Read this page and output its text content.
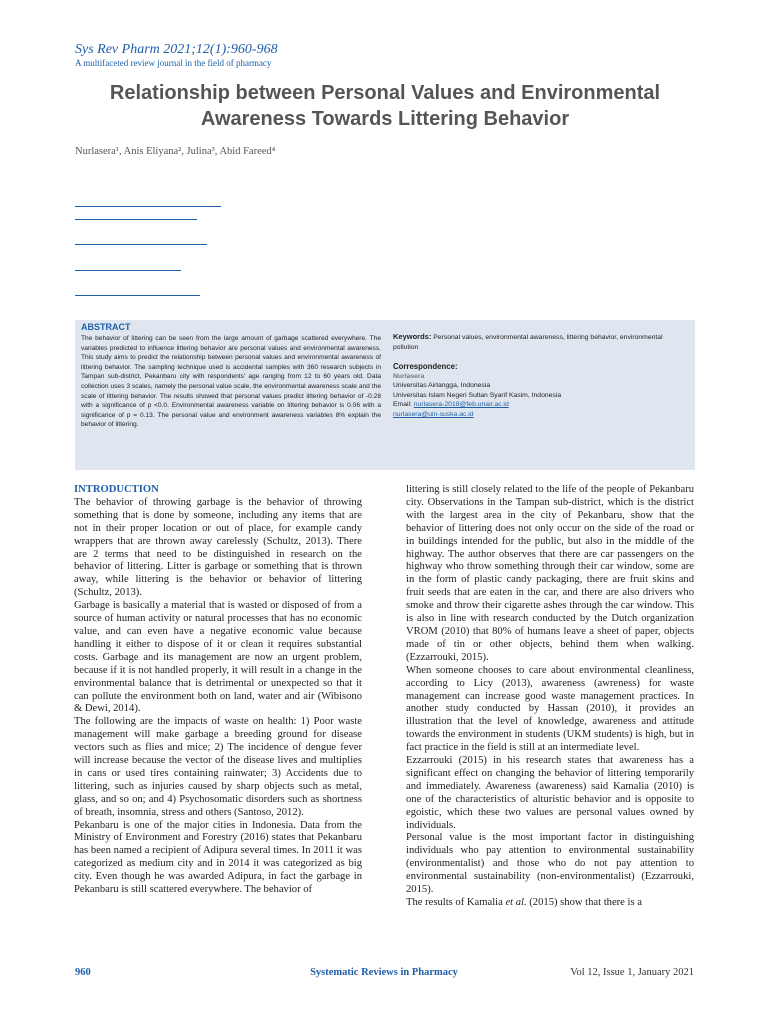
Sys Rev Pharm 2021;12(1):960-968
A multifaceted review journal in the field of pharmacy
Relationship between Personal Values and Environmental
Awareness Towards Littering Behavior
Nurlasera¹, Anis Eliyana², Julina³, Abid Fareed⁴
ABSTRACT
The behavior of littering can be seen from the large amount of garbage scattered everywhere. The variables predicted to influence littering behavior are personal values and environmental awareness. This study aims to predict the relationship between personal values and environmental awareness of littering behavior. The sampling technique used is accidental samples with 360 research subjects in Tampan sub-district, Pekanbaru city with respondents' age ranging from 12 to 60 years old. Data collection uses 3 scales, namely the personal value scale, the environmental awareness scale and the scale of littering behavior. The results showed that personal values predict littering behavior of -0.28 with a significance of p <0.0. Environmental awareness variable on littering behavior is 0.06 with a significance of p = 0.13. The personal value and environment awareness variables 8% explain the behavior of littering.
Keywords: Personal values, environmental awareness, littering behavior, environmental pollution
Correspondence:
Nurlasera
Universitas Airlangga, Indonesia
Universitas Islam Negeri Sultan Syarif Kasim, Indonesia
Email: nurlasera-2018@feb.unair.ac.id
nurlasera@uin-suska.ac.id
INTRODUCTION

The behavior of throwing garbage is the behavior of throwing something that is done by someone, including any items that are not in their proper location or out of place, for example candy wrappers that are thrown away carelessly (Schultz, 2013). There are 2 terms that need to be distinguished in research on the behavior of littering. Litter is garbage or something that is thrown away, while littering is the behavior or behavior of littering (Schultz, 2013).

Garbage is basically a material that is wasted or disposed of from a source of human activity or natural processes that has no economic value, and can even have a negative economic value because handling it either to dispose of it or clean it requires substantial costs. Garbage and its management are now an urgent problem, because if it is not handled properly, it will result in a change in the environmental balance that is detrimental or unexpected so that it can pollute the environment both on land, water and air (Wibisono & Dewi, 2014).

The following are the impacts of waste on health: 1) Poor waste management will make garbage a breeding ground for disease vectors such as flies and mice; 2) The incidence of dengue fever will increase because the vector of the disease lives and multiplies in cans or used tires containing rainwater; 3) Accidents due to littering, such as injuries caused by sharp objects such as metal, glass, and so on; and 4) Psychosomatic disorders such as shortness of breath, insomnia, stress and others (Santoso, 2012).

Pekanbaru is one of the major cities in Indonesia. Data from the Ministry of Environment and Forestry (2016) states that Pekanbaru has been named a recipient of Adipura several times. In 2011 it was categorized as medium city and in 2014 it was categorized as big city. Even though he was awarded Adipura, in fact the garbage in Pekanbaru is still scattered everywhere. The behavior of

littering is still closely related to the life of the people of Pekanbaru city. Observations in the Tampan sub-district, which is the district with the largest area in the city of Pekanbaru, show that the behavior of littering does not only occur on the side of the road or in buildings intended for the public, but also in the middle of the highway. The author observes that there are car passengers on the highway who throw something through their car window, some are in the form of plastic candy packaging, there are fruit skins and fruit seeds that are eaten in the car, and there are also drivers who smoke and throw their cigarette ashes through the car window. This is also in line with research conducted by the Dutch organization VROM (2010) that 80% of humans leave a sheet of paper, objects made of tin or other objects, behind them when walking. (Ezzarrouki, 2015).

When someone chooses to care about environmental cleanliness, according to Licy (2013), awareness (awreness) for waste management can increase good waste management practices. In another study conducted by Hassan (2010), it provides an illustration that the level of knowledge, awareness and attitude towards the environment in students (UKM students) is high, but in fact practice in the field is still at an intermediate level.

Ezzarrouki (2015) in his research states that awareness has a significant effect on changing the behavior of littering temporarily and immediately. Awareness (awareness) said Kamalia (2010) is one of the characteristics of alturistic behavior and is opposite to egoistic, which these two values are personal values owned by individuals.

Personal value is the most important factor in distinguishing individuals who pay attention to environmental sustainability (environmentalist) and those who do not pay attention to environmental sustainability (non-environmentalist) (Ezzarrouki, 2015).

The results of Kamalia et al. (2015) show that there is a

960	Systematic Reviews in Pharmacy	Vol 12, Issue 1, January 2021
